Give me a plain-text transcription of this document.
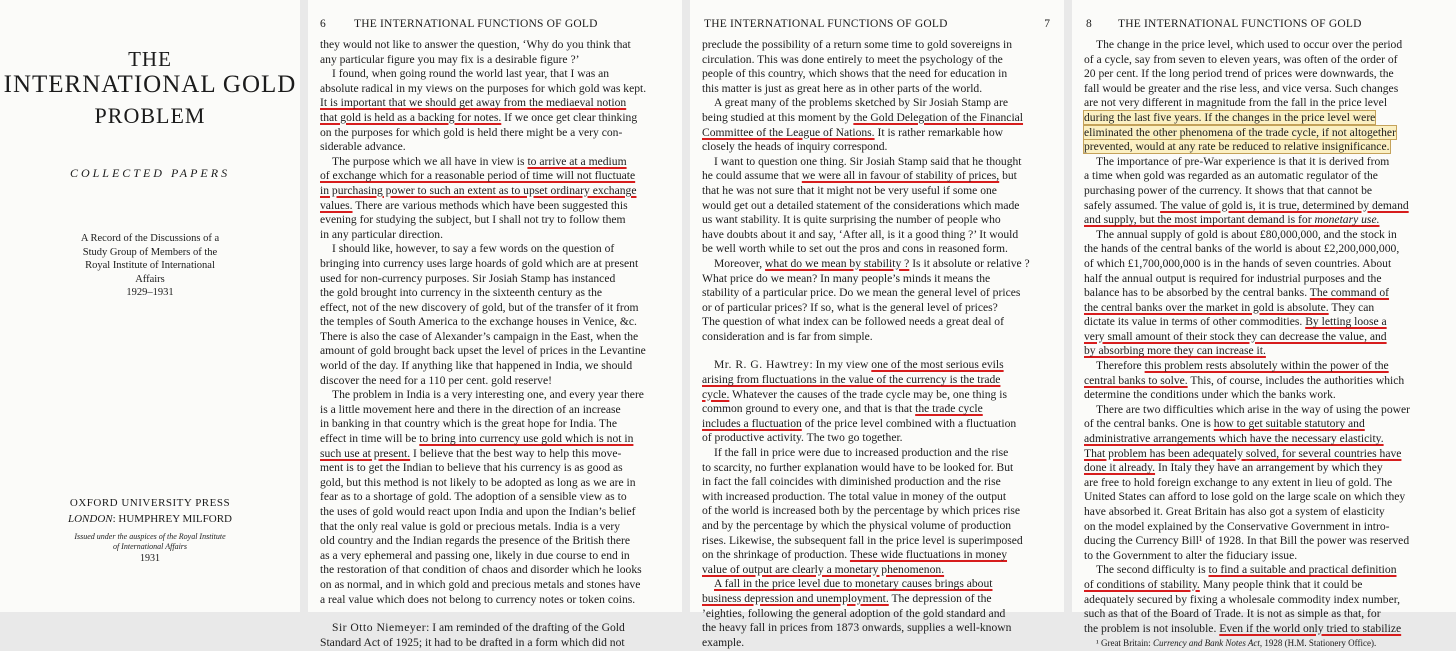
THE
INTERNATIONAL GOLD
PROBLEM
COLLECTED PAPERS
A Record of the Discussions of a
Study Group of Members of the
Royal Institute of International
Affairs
1929–1931
OXFORD UNIVERSITY PRESS
LONDON: HUMPHREY MILFORD
Issued under the auspices of the Royal Institute
of International Affairs
1931
6 THE INTERNATIONAL FUNCTIONS OF GOLD
they would not like to answer the question, ‘Why do you think that
any particular figure you may fix is a desirable figure ?’
I found, when going round the world last year, that I was an
absolute radical in my views on the purposes for which gold was kept.
It is important that we should get away from the mediaeval notion
that gold is held as a backing for notes. If we once get clear thinking
on the purposes for which gold is held there might be a very con-
siderable advance.
The purpose which we all have in view is to arrive at a medium
of exchange which for a reasonable period of time will not fluctuate
in purchasing power to such an extent as to upset ordinary exchange
values. There are various methods which have been suggested this
evening for studying the subject, but I shall not try to follow them
in any particular direction.
I should like, however, to say a few words on the question of
bringing into currency uses large hoards of gold which are at present
used for non-currency purposes. Sir Josiah Stamp has instanced
the gold brought into currency in the sixteenth century as the
effect, not of the new discovery of gold, but of the transfer of it from
the temples of South America to the exchange houses in Venice, &c.
There is also the case of Alexander’s campaign in the East, when the
amount of gold brought back upset the level of prices in the Levantine
world of the day. If anything like that happened in India, we should
discover the need for a 110 per cent. gold reserve!
The problem in India is a very interesting one, and every year there
is a little movement here and there in the direction of an increase
in banking in that country which is the great hope for India. The
effect in time will be to bring into currency use gold which is not in
such use at present. I believe that the best way to help this move-
ment is to get the Indian to believe that his currency is as good as
gold, but this method is not likely to be adopted as long as we are in
fear as to a shortage of gold. The adoption of a sensible view as to
the uses of gold would react upon India and upon the Indian’s belief
that the only real value is gold or precious metals. India is a very
old country and the Indian regards the presence of the British there
as a very ephemeral and passing one, likely in due course to end in
the restoration of that condition of chaos and disorder which he looks
on as normal, and in which gold and precious metals and stones have
a real value which does not belong to currency notes or token coins.
Sir Otto Niemeyer: I am reminded of the drafting of the Gold
Standard Act of 1925; it had to be drafted in a form which did not
THE INTERNATIONAL FUNCTIONS OF GOLD	7
preclude the possibility of a return some time to gold sovereigns in
circulation. This was done entirely to meet the psychology of the
people of this country, which shows that the need for education in
this matter is just as great here as in other parts of the world.
A great many of the problems sketched by Sir Josiah Stamp are
being studied at this moment by the Gold Delegation of the Financial
Committee of the League of Nations. It is rather remarkable how
closely the heads of inquiry correspond.
I want to question one thing. Sir Josiah Stamp said that he thought
he could assume that we were all in favour of stability of prices, but
that he was not sure that it might not be very useful if some one
would get out a detailed statement of the considerations which made
us want stability. It is quite surprising the number of people who
have doubts about it and say, ‘After all, is it a good thing ?’ It would
be well worth while to set out the pros and cons in reasoned form.
Moreover, what do we mean by stability ? Is it absolute or relative ?
What price do we mean? In many people’s minds it means the
stability of a particular price. Do we mean the general level of prices
or of particular prices? If so, what is the general level of prices?
The question of what index can be followed needs a great deal of
consideration and is far from simple.
Mr. R. G. Hawtrey: In my view one of the most serious evils
arising from fluctuations in the value of the currency is the trade
cycle. Whatever the causes of the trade cycle may be, one thing is
common ground to every one, and that is that the trade cycle
includes a fluctuation of the price level combined with a fluctuation
of productive activity. The two go together.
If the fall in price were due to increased production and the rise
to scarcity, no further explanation would have to be looked for. But
in fact the fall coincides with diminished production and the rise
with increased production. The total value in money of the output
of the world is increased both by the percentage by which prices rise
and by the percentage by which the physical volume of production
rises. Likewise, the subsequent fall in the price level is superimposed
on the shrinkage of production. These wide fluctuations in money
value of output are clearly a monetary phenomenon.
A fall in the price level due to monetary causes brings about
business depression and unemployment. The depression of the
’eighties, following the general adoption of the gold standard and
the heavy fall in prices from 1873 onwards, supplies a well-known
example.
8 THE INTERNATIONAL FUNCTIONS OF GOLD
The change in the price level, which used to occur over the period
of a cycle, say from seven to eleven years, was often of the order of
20 per cent. If the long period trend of prices were downwards, the
fall would be greater and the rise less, and vice versa. Such changes
are not very different in magnitude from the fall in the price level
during the last five years. If the changes in the price level were
eliminated the other phenomena of the trade cycle, if not altogether
prevented, would at any rate be reduced to relative insignificance.
The importance of pre-War experience is that it is derived from
a time when gold was regarded as an automatic regulator of the
purchasing power of the currency. It shows that that cannot be
safely assumed. The value of gold is, it is true, determined by demand
and supply, but the most important demand is for monetary use.
The annual supply of gold is about £80,000,000, and the stock in
the hands of the central banks of the world is about £2,200,000,000,
of which £1,700,000,000 is in the hands of seven countries. About
half the annual output is required for industrial purposes and the
balance has to be absorbed by the central banks. The command of
the central banks over the market in gold is absolute. They can
dictate its value in terms of other commodities. By letting loose a
very small amount of their stock they can decrease the value, and
by absorbing more they can increase it.
Therefore this problem rests absolutely within the power of the
central banks to solve. This, of course, includes the authorities which
determine the conditions under which the banks work.
There are two difficulties which arise in the way of using the power
of the central banks. One is how to get suitable statutory and
administrative arrangements which have the necessary elasticity.
That problem has been adequately solved, for several countries have
done it already. In Italy they have an arrangement by which they
are free to hold foreign exchange to any extent in lieu of gold. The
United States can afford to lose gold on the large scale on which they
have absorbed it. Great Britain has also got a system of elasticity
on the model explained by the Conservative Government in intro-
ducing the Currency Bill¹ of 1928. In that Bill the power was reserved
to the Government to alter the fiduciary issue.
The second difficulty is to find a suitable and practical definition
of conditions of stability. Many people think that it could be
adequately secured by fixing a wholesale commodity index number,
such as that of the Board of Trade. It is not as simple as that, for
the problem is not insoluble. Even if the world only tried to stabilize
¹ Great Britain: Currency and Bank Notes Act, 1928 (H.M. Stationery Office).
